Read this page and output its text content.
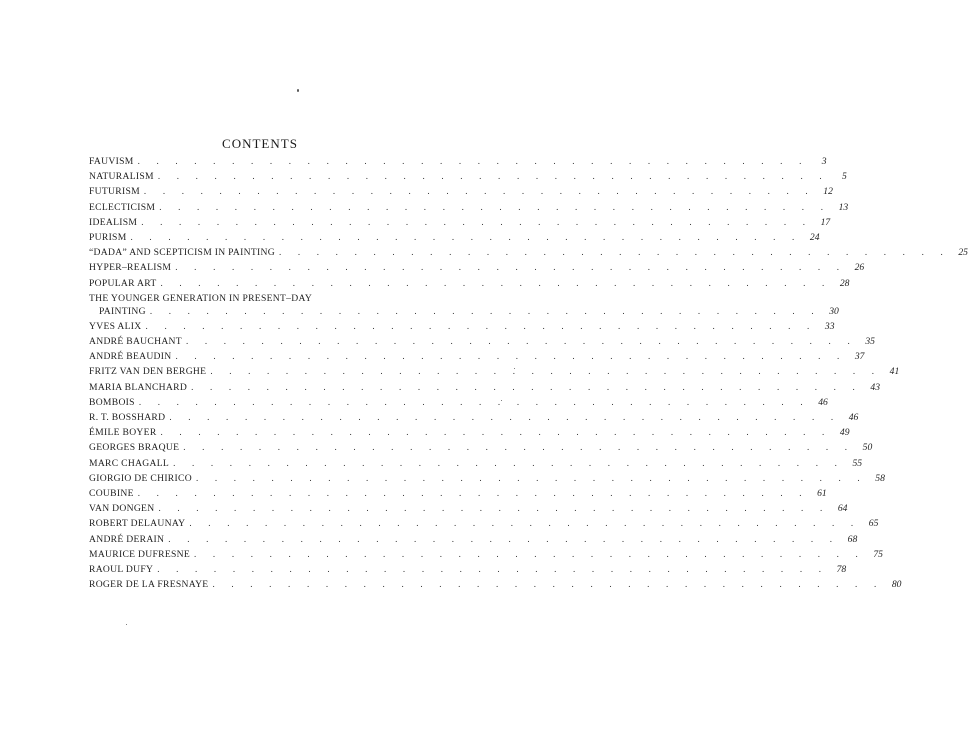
CONTENTS
FAUVISM . . . . . . . . . . . . . . . . . . . . . . . . . . . . . . . . . . . .	3
NATURALISM . . . . . . . . . . . . . . . . . . . . . . . . . . . . . . . . . . . .	5
FUTURISM . . . . . . . . . . . . . . . . . . . . . . . . . . . . . . . . . . . . 12
ECLECTICISM . . . . . . . . . . . . . . . . . . . . . . . . . . . . . . . . . . . . 13
IDEALISM . . . . . . . . . . . . . . . . . . . . . . . . . . . . . . . . . . . . 17
PURISM . . . . . . . . . . . . . . . . . . . . . . . . . . . . . . . . . . . . 24
“DADA” AND SCEPTICISM IN PAINTING . . . . . . . . . . . . . . . . . . . . . . . . . . . . . . . . . . . . 25
HYPER–REALISM . . . . . . . . . . . . . . . . . . . . . . . . . . . . . . . . . . . . 26
POPULAR ART . . . . . . . . . . . . . . . . . . . . . . . . . . . . . . . . . . . . 28
THE YOUNGER GENERATION IN PRESENT–DAY
PAINTING . . . . . . . . . . . . . . . . . . . . . . . . . . . . . . . . . . . . 30
YVES ALIX . . . . . . . . . . . . . . . . . . . . . . . . . . . . . . . . . . . . 33
ANDRÉ BAUCHANT . . . . . . . . . . . . . . . . . . . . . . . . . . . . . . . . . . . . 35
ANDRÉ BEAUDIN . . . . . . . . . . . . . . . . . . . . . . . . . . . . . . . . . . . . 37
FRITZ VAN DEN BERGHE . . . . . . . . . . . . . . . . . . . . . . . . . . . . . . . . . . . . 41
MARIA BLANCHARD . . . . . . . . . . . . . . . . . . . . . . . . . . . . . . . . . . . . 43
BOMBOIS . . . . . . . . . . . . . . . . . . . . . . . . . . . . . . . . . . . . 46
R. T. BOSSHARD . . . . . . . . . . . . . . . . . . . . . . . . . . . . . . . . . . . . 46
ÉMILE BOYER . . . . . . . . . . . . . . . . . . . . . . . . . . . . . . . . . . . . 49
GEORGES BRAQUE . . . . . . . . . . . . . . . . . . . . . . . . . . . . . . . . . . . . 50
MARC CHAGALL . . . . . . . . . . . . . . . . . . . . . . . . . . . . . . . . . . . . 55
GIORGIO DE CHIRICO . . . . . . . . . . . . . . . . . . . . . . . . . . . . . . . . . . . . 58
COUBINE . . . . . . . . . . . . . . . . . . . . . . . . . . . . . . . . . . . . 61
VAN DONGEN . . . . . . . . . . . . . . . . . . . . . . . . . . . . . . . . . . . . 64
ROBERT DELAUNAY . . . . . . . . . . . . . . . . . . . . . . . . . . . . . . . . . . . . 65
ANDRÉ DERAIN . . . . . . . . . . . . . . . . . . . . . . . . . . . . . . . . . . . . 68
MAURICE DUFRESNE . . . . . . . . . . . . . . . . . . . . . . . . . . . . . . . . . . . . 75
RAOUL DUFY . . . . . . . . . . . . . . . . . . . . . . . . . . . . . . . . . . . . 78
ROGER DE LA FRESNAYE . . . . . . . . . . . . . . . . . . . . . . . . . . . . . . . . . . . . 80
